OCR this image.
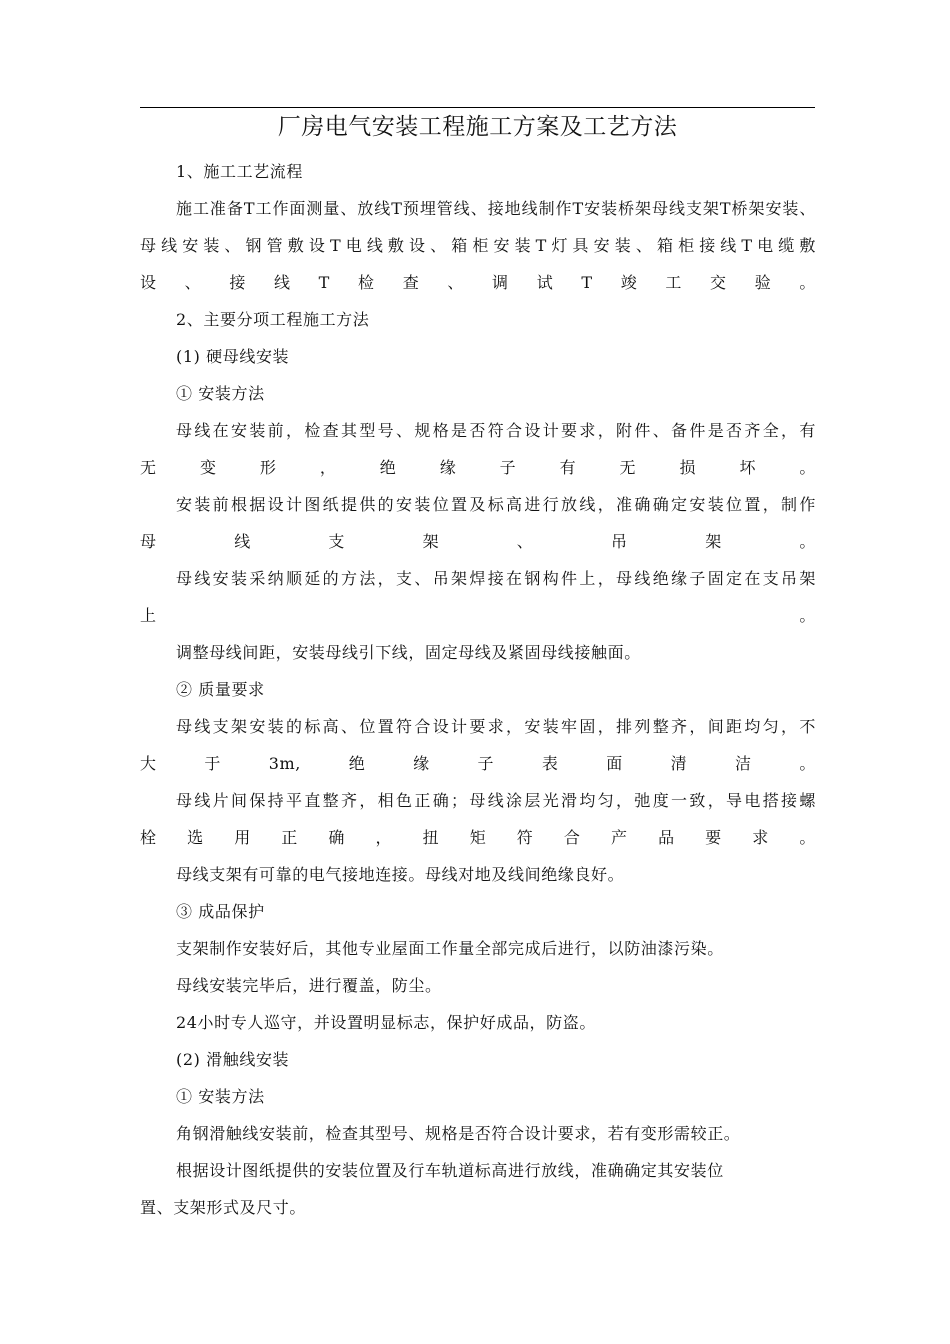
厂房电气安装工程施工方案及工艺方法
1、施工工艺流程
施工准备T工作面测量、放线T预埋管线、接地线制作T安装桥架母线支架T桥架安装、母线安装、钢管敷设T电线敷设、箱柜安装T灯具安装、箱柜接线T电缆敷
设、接线T检查、调试T竣工交验。
2、主要分项工程施工方法
(1) 硬母线安装
① 安装方法
母线在安装前，检查其型号、规格是否符合设计要求，附件、备件是否齐全，有
无变形，绝缘子有无损坏。
安装前根据设计图纸提供的安装位置及标高进行放线，准确确定安装位置，制作
母线支架、吊架。
母线安装采纳顺延的方法，支、吊架焊接在钢构件上，母线绝缘子固定在支吊架
上。
调整母线间距，安装母线引下线，固定母线及紧固母线接触面。
② 质量要求
母线支架安装的标高、位置符合设计要求，安装牢固，排列整齐，间距均匀，不
大于3m,绝缘子表面清洁。
母线片间保持平直整齐，相色正确；母线涂层光滑均匀，弛度一致，导电搭接螺
栓选用正确，扭矩符合产品要求。
母线支架有可靠的电气接地连接。母线对地及线间绝缘良好。
③ 成品保护
支架制作安装好后，其他专业屋面工作量全部完成后进行，以防油漆污染。
母线安装完毕后，进行覆盖，防尘。
24小时专人巡守，并设置明显标志，保护好成品，防盗。
(2) 滑触线安装
① 安装方法
角钢滑触线安装前，检查其型号、规格是否符合设计要求，若有变形需较正。
根据设计图纸提供的安装位置及行车轨道标高进行放线，准确确定其安装位
置、支架形式及尺寸。
